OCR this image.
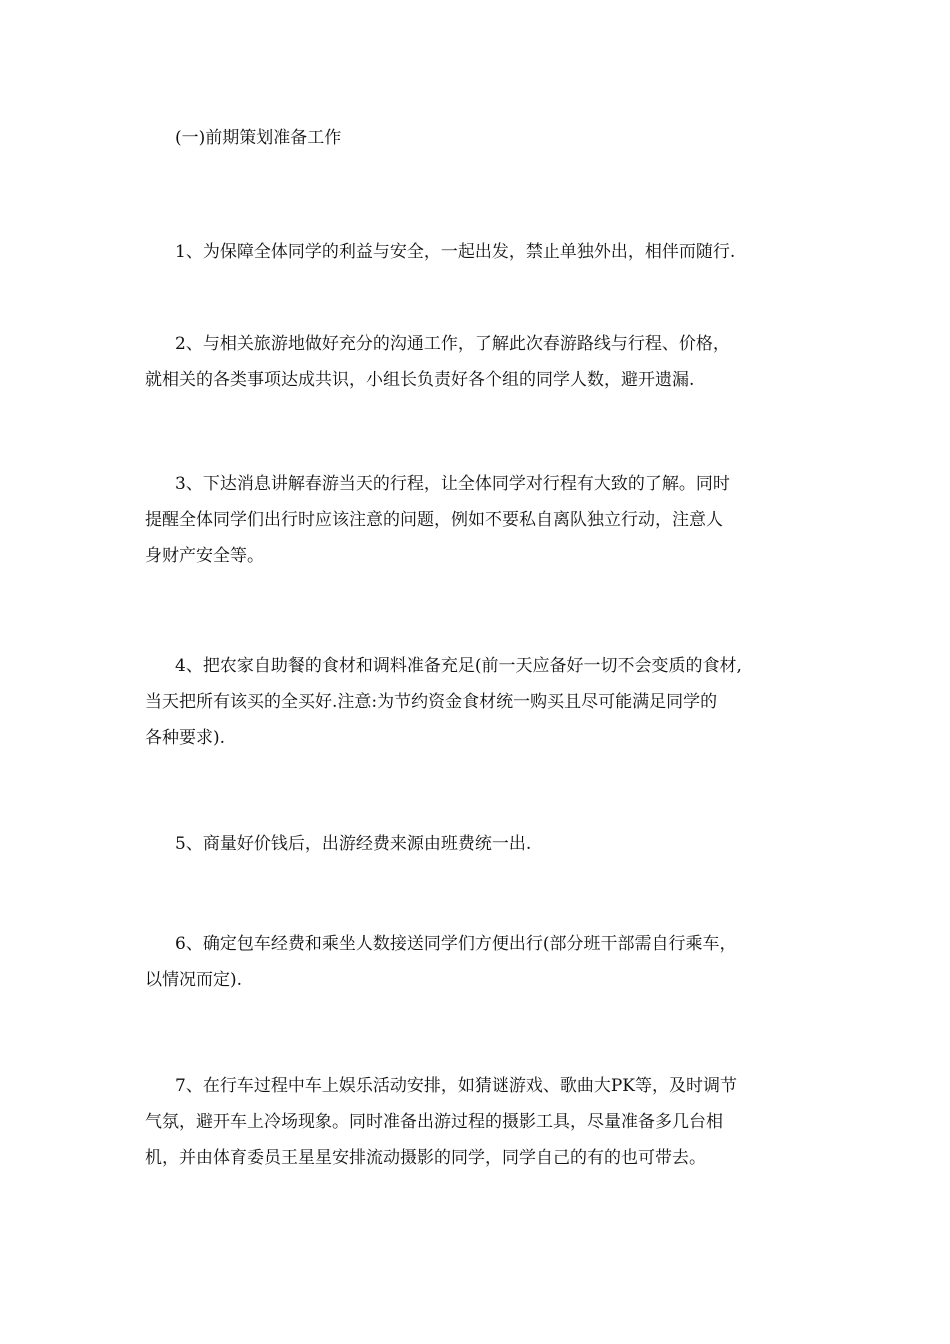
(一)前期策划准备工作
1、为保障全体同学的利益与安全，一起出发，禁止单独外出，相伴而随行.
2、与相关旅游地做好充分的沟通工作，了解此次春游路线与行程、价格，
就相关的各类事项达成共识，小组长负责好各个组的同学人数，避开遗漏.
3、下达消息讲解春游当天的行程，让全体同学对行程有大致的了解。同时
提醒全体同学们出行时应该注意的问题，例如不要私自离队独立行动，注意人
身财产安全等。
4、把农家自助餐的食材和调料准备充足(前一天应备好一切不会变质的食材,
当天把所有该买的全买好.注意:为节约资金食材统一购买且尽可能满足同学的
各种要求).
5、商量好价钱后，出游经费来源由班费统一出.
6、确定包车经费和乘坐人数接送同学们方便出行(部分班干部需自行乘车，
以情况而定).
7、在行车过程中车上娱乐活动安排，如猜谜游戏、歌曲大PK等，及时调节
气氛，避开车上冷场现象。同时准备出游过程的摄影工具，尽量准备多几台相
机，并由体育委员王星星安排流动摄影的同学，同学自己的有的也可带去。
